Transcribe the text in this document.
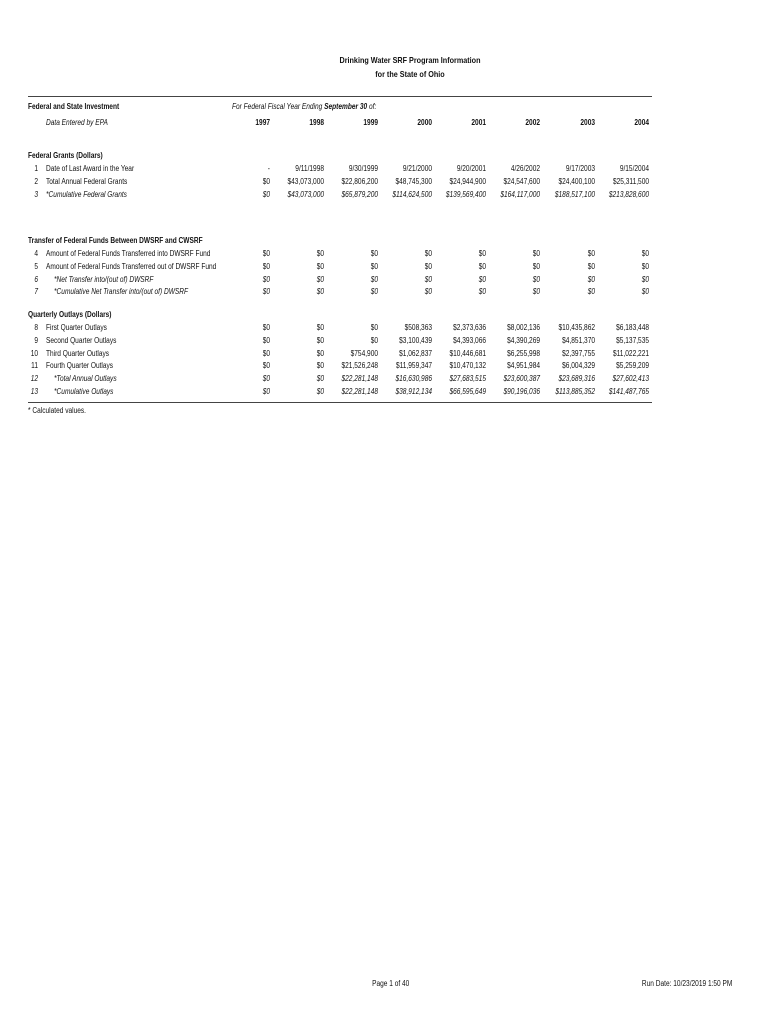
Drinking Water SRF Program Information
for the State of Ohio
Federal and State Investment
Data Entered by EPA
For Federal Fiscal Year Ending September 30 of:
1997	1998	1999	2000	2001	2002	2003	2004
Federal Grants (Dollars)
1 Date of Last Award in the Year	-	9/11/1998	9/30/1999	9/21/2000	9/20/2001	4/26/2002	9/17/2003	9/15/2004
2 Total Annual Federal Grants	$0	$43,073,000	$22,806,200	$48,745,300	$24,944,900	$24,547,600	$24,400,100	$25,311,500
3 *Cumulative Federal Grants	$0	$43,073,000	$65,879,200	$114,624,500	$139,569,400	$164,117,000	$188,517,100	$213,828,600
Transfer of Federal Funds Between DWSRF and CWSRF
4 Amount of Federal Funds Transferred into DWSRF Fund	$0	$0	$0	$0	$0	$0	$0	$0
5 Amount of Federal Funds Transferred out of DWSRF Fund	$0	$0	$0	$0	$0	$0	$0	$0
6 *Net Transfer into/(out of) DWSRF	$0	$0	$0	$0	$0	$0	$0	$0
7 *Cumulative Net Transfer into/(out of) DWSRF	$0	$0	$0	$0	$0	$0	$0	$0
Quarterly Outlays (Dollars)
8 First Quarter Outlays	$0	$0	$0	$508,363	$2,373,636	$8,002,136	$10,435,862	$6,183,448
9 Second Quarter Outlays	$0	$0	$0	$3,100,439	$4,393,066	$4,390,269	$4,851,370	$5,137,535
10 Third Quarter Outlays	$0	$0	$754,900	$1,062,837	$10,446,681	$6,255,998	$2,397,755	$11,022,221
11 Fourth Quarter Outlays	$0	$0	$21,526,248	$11,959,347	$10,470,132	$4,951,984	$6,004,329	$5,259,209
12 *Total Annual Outlays	$0	$0	$22,281,148	$16,630,986	$27,683,515	$23,600,387	$23,689,316	$27,602,413
13 *Cumulative Outlays	$0	$0	$22,281,148	$38,912,134	$66,595,649	$90,196,036	$113,885,352	$141,487,765
* Calculated values.
Page 1 of 40	Run Date: 10/23/2019 1:50 PM
